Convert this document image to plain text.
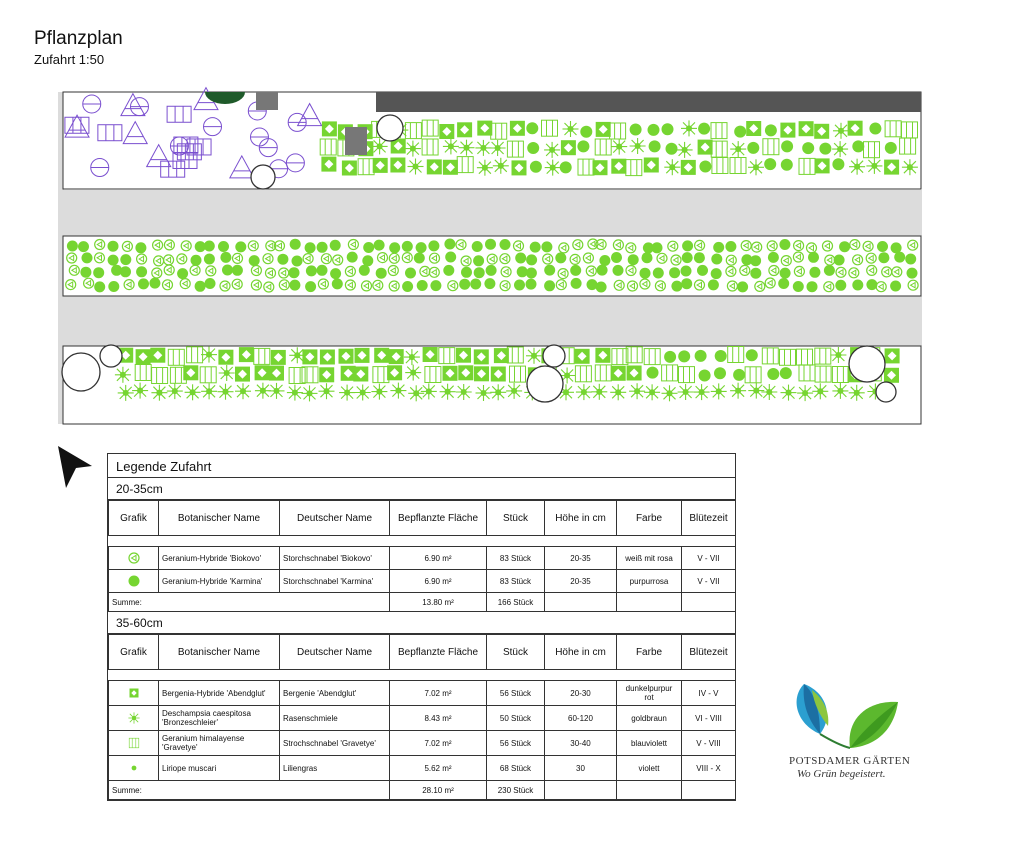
Pflanzplan
Zufahrt 1:50
Legende Zufahrt
20-35cm
Grafik	Botanischer Name	Deutscher Name	Bepflanzte Fläche	Stück	Höhe in cm	Farbe	Blütezeit

	Geranium-Hybride 'Biokovo'	Storchschnabel 'Biokovo'	6.90 m²	83 Stück	20-35	weiß mit rosa	V - VII

	Geranium-Hybride 'Karmina'	Storchschnabel 'Karmina'	6.90 m²	83 Stück	20-35	purpurrosa	V - VII
Summe:			13.80 m²	166 Stück			
35-60cm
Grafik	Botanischer Name	Deutscher Name	Bepflanzte Fläche	Stück	Höhe in cm	Farbe	Blütezeit

	Bergenia-Hybride 'Abendglut'	Bergenie 'Abendglut'	7.02 m²	56 Stück	20-30	dunkelpurpur rot	IV - V

	Deschampsia caespitosa 'Bronzeschleier'	Rasenschmiele	8.43 m²	50 Stück	60-120	goldbraun	VI - VIII

	Geranium himalayense 'Gravetye'	Strochschnabel 'Gravetye'	7.02 m²	56 Stück	30-40	blauviolett	V - VIII

	Liriope muscari	Liliengras	5.62 m²	68 Stück	30	violett	VIII - X
Summe:			28.10 m²	230 Stück			
POTSDAMER GÄRTEN
Wo Grün begeistert.
